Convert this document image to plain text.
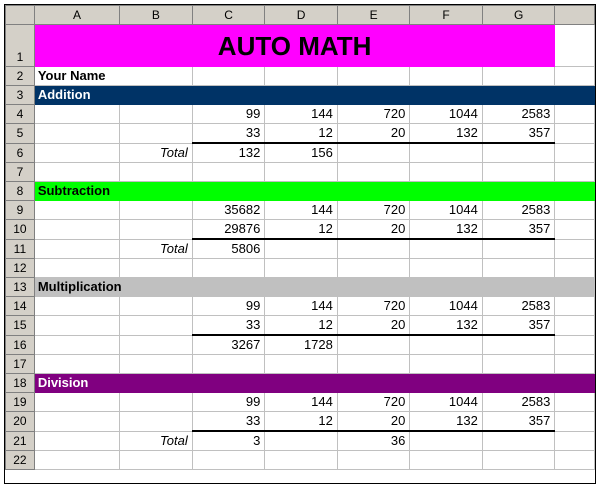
	A	B	C	D	E	F	G	
1	AUTO MATH							
2	Your Name							
3	Addition							
4			99	144	720	1044	2583	
5			33	12	20	132	357	
6		Total	132	156				
7								
8	Subtraction							
9			35682	144	720	1044	2583	
10			29876	12	20	132	357	
11		Total	5806					
12								
13	Multiplication							
14			99	144	720	1044	2583	
15			33	12	20	132	357	
16			3267	1728				
17								
18	Division							
19			99	144	720	1044	2583	
20			33	12	20	132	357	
21		Total	3		36			
22								
